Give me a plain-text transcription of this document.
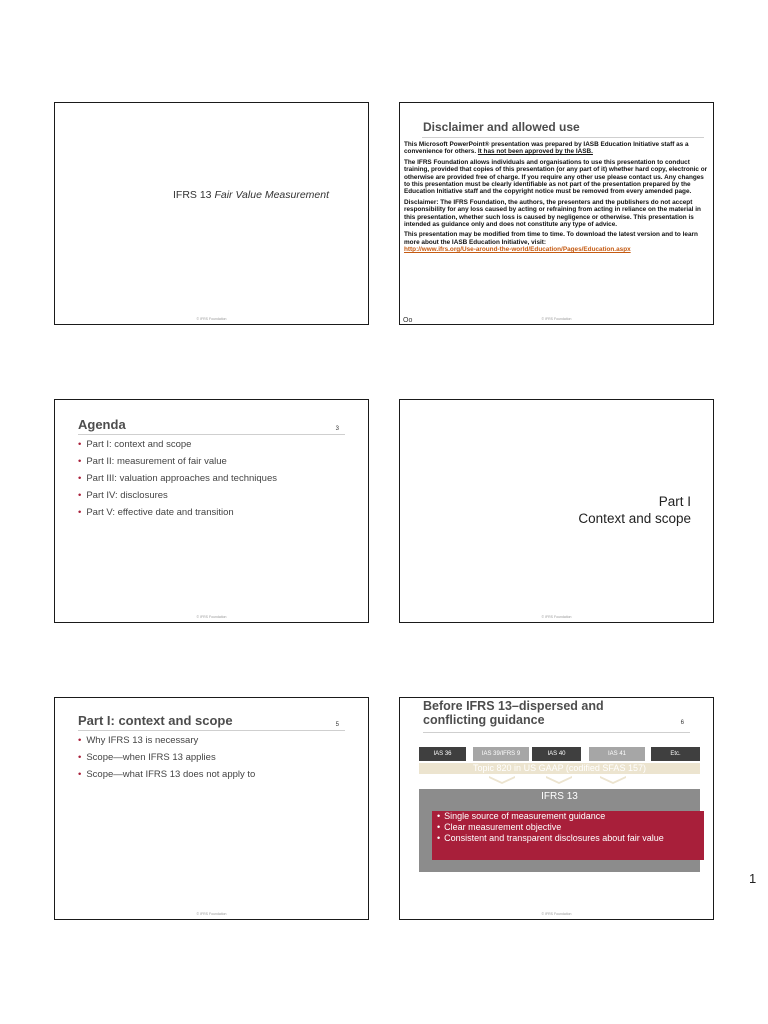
IFRS 13 Fair Value Measurement
© IFRS Foundation
Disclaimer and allowed use

This Microsoft PowerPoint® presentation was prepared by IASB Education Initiative staff as a convenience for others. It has not been approved by the IASB.

The IFRS Foundation allows individuals and organisations to use this presentation to conduct training, provided that copies of this presentation (or any part of it) whether hard copy, electronic or otherwise are provided free of charge. If you require any other use please contact us. Any changes to this presentation must be clearly identifiable as not part of the presentation prepared by the Education Initiative staff and the copyright notice must be removed from every amended page.

Disclaimer: The IFRS Foundation, the authors, the presenters and the publishers do not accept responsibility for any loss caused by acting or refraining from acting in reliance on the material in this presentation, whether such loss is caused by negligence or otherwise. This presentation is intended as guidance only and does not constitute any type of advice.

This presentation may be modified from time to time. To download the latest version and to learn more about the IASB Education Initiative, visit:
http://www.ifrs.org/Use-around-the-world/Education/Pages/Education.aspx

Oo	© IFRS Foundation
Agenda	3
• Part I: context and scope
• Part II: measurement of fair value
• Part III: valuation approaches and techniques
• Part IV: disclosures
• Part V: effective date and transition
© IFRS Foundation
Part I
Context and scope
© IFRS Foundation
Part I: context and scope	5
• Why IFRS 13 is necessary
• Scope—when IFRS 13 applies
• Scope—what IFRS 13 does not apply to
© IFRS Foundation
Before IFRS 13–dispersed and
conflicting guidance	6
IAS 36	IAS 39/IFRS 9	IAS 40	IAS 41	Etc.
Topic 820 in US GAAP (codified SFAS 157)
IFRS 13
• Single source of measurement guidance
• Clear measurement objective
• Consistent and transparent disclosures about fair value
© IFRS Foundation
1
